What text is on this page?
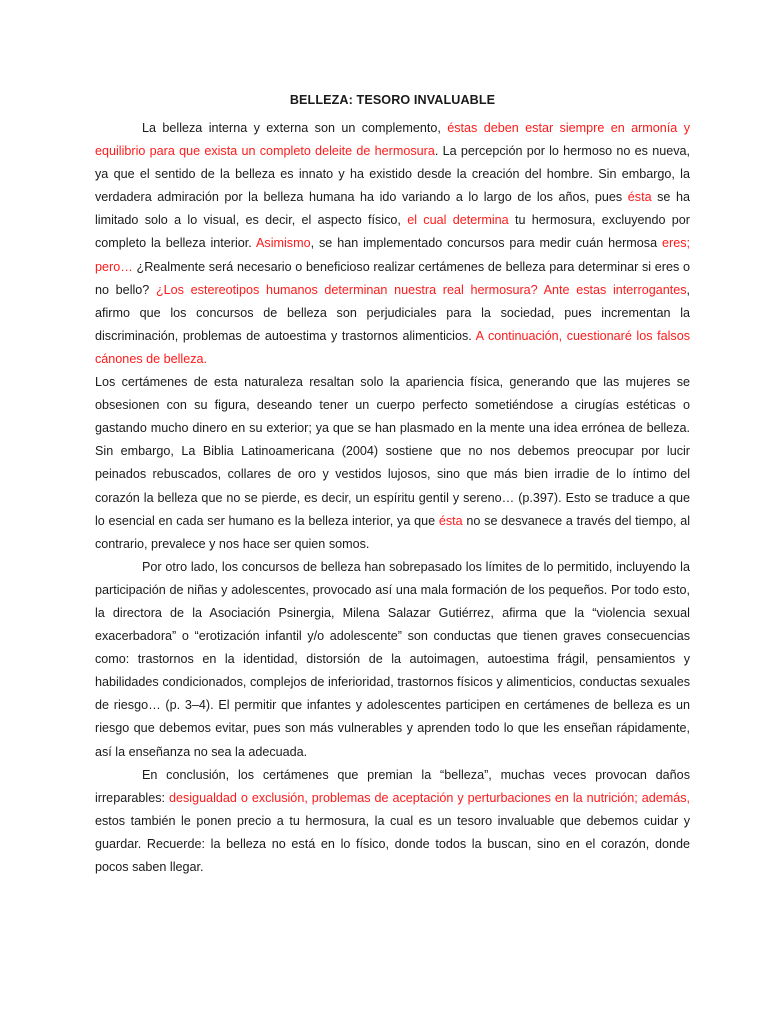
BELLEZA: TESORO INVALUABLE

La belleza interna y externa son un complemento, éstas deben estar siempre en armonía y equilibrio para que exista un completo deleite de hermosura. La percepción por lo hermoso no es nueva, ya que el sentido de la belleza es innato y ha existido desde la creación del hombre. Sin embargo, la verdadera admiración por la belleza humana ha ido variando a lo largo de los años, pues ésta se ha limitado solo a lo visual, es decir, el aspecto físico, el cual determina tu hermosura, excluyendo por completo la belleza interior. Asimismo, se han implementado concursos para medir cuán hermosa eres; pero… ¿Realmente será necesario o beneficioso realizar certámenes de belleza para determinar si eres o no bello? ¿Los estereotipos humanos determinan nuestra real hermosura? Ante estas interrogantes, afirmo que los concursos de belleza son perjudiciales para la sociedad, pues incrementan la discriminación, problemas de autoestima y trastornos alimenticios. A continuación, cuestionaré los falsos cánones de belleza.

Los certámenes de esta naturaleza resaltan solo la apariencia física, generando que las mujeres se obsesionen con su figura, deseando tener un cuerpo perfecto sometiéndose a cirugías estéticas o gastando mucho dinero en su exterior; ya que se han plasmado en la mente una idea errónea de belleza. Sin embargo, La Biblia Latinoamericana (2004) sostiene que no nos debemos preocupar por lucir peinados rebuscados, collares de oro y vestidos lujosos, sino que más bien irradie de lo íntimo del corazón la belleza que no se pierde, es decir, un espíritu gentil y sereno… (p.397). Esto se traduce a que lo esencial en cada ser humano es la belleza interior, ya que ésta no se desvanece a través del tiempo, al contrario, prevalece y nos hace ser quien somos.

Por otro lado, los concursos de belleza han sobrepasado los límites de lo permitido, incluyendo la participación de niñas y adolescentes, provocado así una mala formación de los pequeños. Por todo esto, la directora de la Asociación Psinergia, Milena Salazar Gutiérrez, afirma que la “violencia sexual exacerbadora” o “erotización infantil y/o adolescente” son conductas que tienen graves consecuencias como: trastornos en la identidad, distorsión de la autoimagen, autoestima frágil, pensamientos y habilidades condicionados, complejos de inferioridad, trastornos físicos y alimenticios, conductas sexuales de riesgo… (p. 3–4). El permitir que infantes y adolescentes participen en certámenes de belleza es un riesgo que debemos evitar, pues son más vulnerables y aprenden todo lo que les enseñan rápidamente, así la enseñanza no sea la adecuada.

En conclusión, los certámenes que premian la “belleza”, muchas veces provocan daños irreparables: desigualdad o exclusión, problemas de aceptación y perturbaciones en la nutrición; además, estos también le ponen precio a tu hermosura, la cual es un tesoro invaluable que debemos cuidar y guardar. Recuerde: la belleza no está en lo físico, donde todos la buscan, sino en el corazón, donde pocos saben llegar.
